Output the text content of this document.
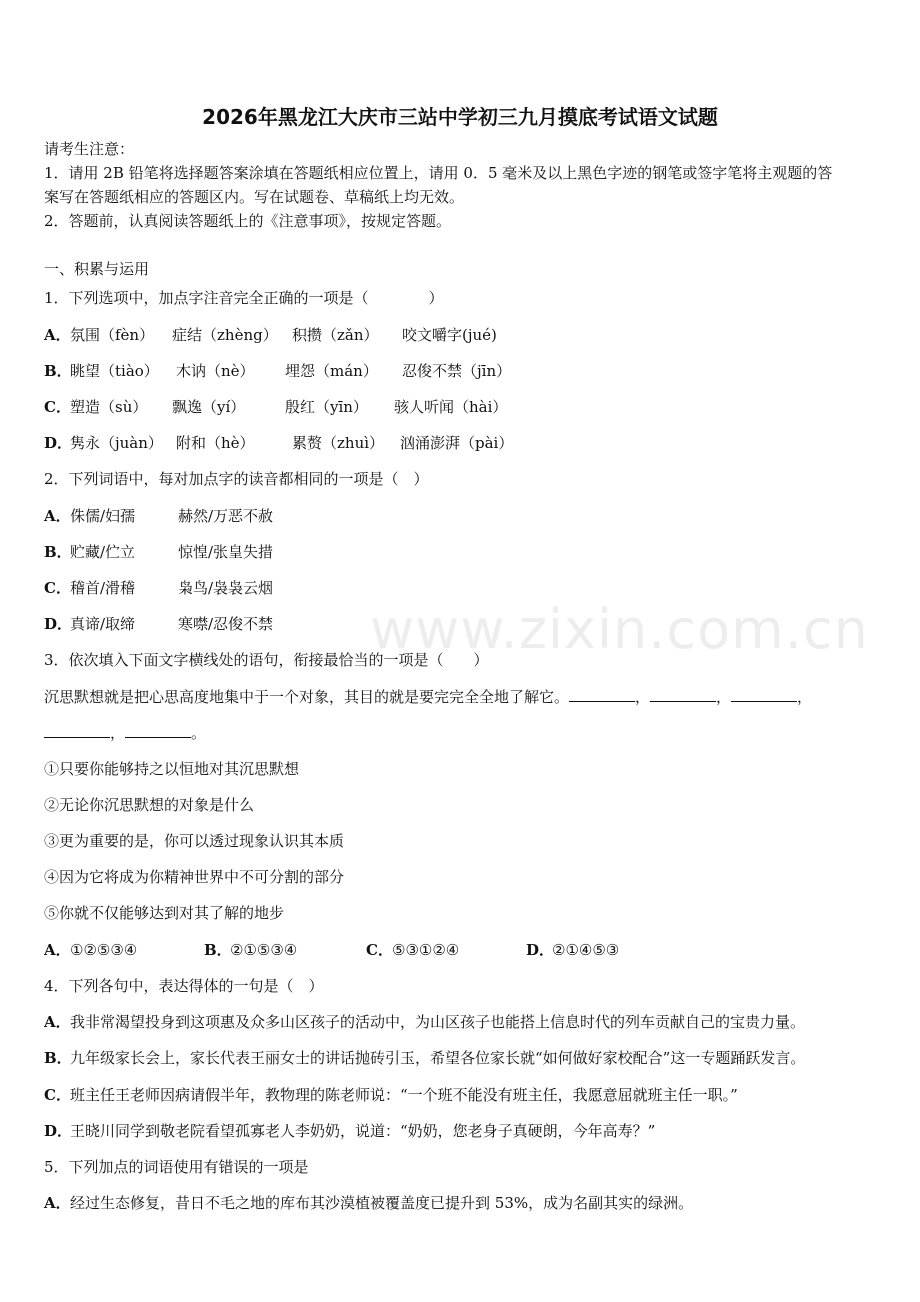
2026年黑龙江大庆市三站中学初三九月摸底考试语文试题
请考生注意：
1．请用 2B 铅笔将选择题答案涂填在答题纸相应位置上，请用 0．5 毫米及以上黑色字迹的钢笔或签字笔将主观题的答
案写在答题纸相应的答题区内。写在试题卷、草稿纸上均无效。
2．答题前，认真阅读答题纸上的《注意事项》，按规定答题。
一、积累与运用
1．下列选项中，加点字注音完全正确的一项是（　　　　）
A．氛围（fèn） 症结（zhèng） 积攒（zǎn） 咬文嚼字(jué)
B．眺望（tiào） 木讷（nè） 埋怨（mán） 忍俊不禁（jīn）
C．塑造（sù） 飘逸（yí）	殷红（yīn） 骇人听闻（hài）
D．隽永（juàn） 附和（hè） 累赘（zhuì） 汹涌澎湃（pài）
2．下列词语中，每对加点字的读音都相同的一项是（　）
A．侏儒/妇孺	赫然/万恶不赦
B．贮藏/伫立	惊惶/张皇失措
C．稽首/滑稽	枭鸟/袅袅云烟
D．真谛/取缔	寒噤/忍俊不禁
3．依次填入下面文字横线处的语句，衔接最恰当的一项是（　　）
沉思默想就是把心思高度地集中于一个对象，其目的就是要完完全全地了解它。	，	，	，
，	。
①只要你能够持之以恒地对其沉思默想
②无论你沉思默想的对象是什么
③更为重要的是，你可以透过现象认识其本质
④因为它将成为你精神世界中不可分割的部分
⑤你就不仅能够达到对其了解的地步
A．①②⑤③④	B．②①⑤③④	C．⑤③①②④	D．②①④⑤③
4．下列各句中，表达得体的一句是（　）
A．我非常渴望投身到这项惠及众多山区孩子的活动中，为山区孩子也能搭上信息时代的列车贡献自己的宝贵力量。
B．九年级家长会上，家长代表王丽女士的讲话抛砖引玉，希望各位家长就“如何做好家校配合”这一专题踊跃发言。
C．班主任王老师因病请假半年，教物理的陈老师说：“一个班不能没有班主任，我愿意屈就班主任一职。”
D．王晓川同学到敬老院看望孤寡老人李奶奶，说道：“奶奶，您老身子真硬朗，今年高寿？”
5．下列加点的词语使用有错误的一项是
A．经过生态修复，昔日不毛之地的库布其沙漠植被覆盖度已提升到 53%，成为名副其实的绿洲。
www.zixin.com.cn
